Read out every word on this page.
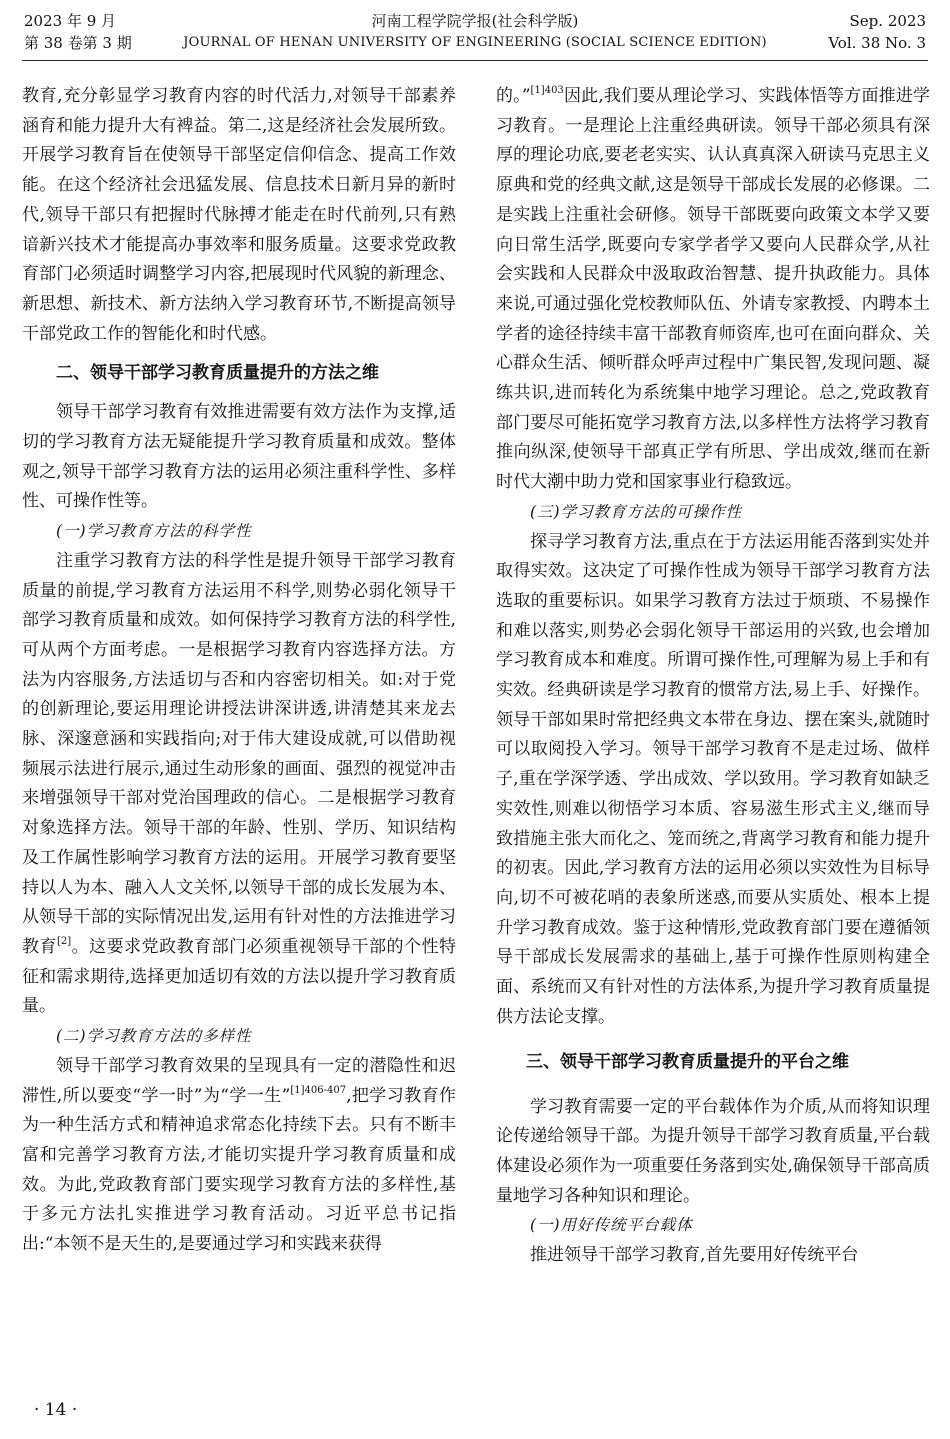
2023 年 9 月
第 38 卷第 3 期
河南工程学院学报(社会科学版)
JOURNAL OF HENAN UNIVERSITY OF ENGINEERING (SOCIAL SCIENCE EDITION)
Sep. 2023
Vol. 38 No. 3

教育,充分彰显学习教育内容的时代活力,对领导干部素养涵育和能力提升大有裨益。第二,这是经济社会发展所致。开展学习教育旨在使领导干部坚定信仰信念、提高工作效能。在这个经济社会迅猛发展、信息技术日新月异的新时代,领导干部只有把握时代脉搏才能走在时代前列,只有熟谙新兴技术才能提高办事效率和服务质量。这要求党政教育部门必须适时调整学习内容,把展现时代风貌的新理念、新思想、新技术、新方法纳入学习教育环节,不断提高领导干部党政工作的智能化和时代感。

二、领导干部学习教育质量提升的方法之维

领导干部学习教育有效推进需要有效方法作为支撑,适切的学习教育方法无疑能提升学习教育质量和成效。整体观之,领导干部学习教育方法的运用必须注重科学性、多样性、可操作性等。

(一)学习教育方法的科学性

注重学习教育方法的科学性是提升领导干部学习教育质量的前提,学习教育方法运用不科学,则势必弱化领导干部学习教育质量和成效。如何保持学习教育方法的科学性,可从两个方面考虑。一是根据学习教育内容选择方法。方法为内容服务,方法适切与否和内容密切相关。如:对于党的创新理论,要运用理论讲授法讲深讲透,讲清楚其来龙去脉、深邃意涵和实践指向;对于伟大建设成就,可以借助视频展示法进行展示,通过生动形象的画面、强烈的视觉冲击来增强领导干部对党治国理政的信心。二是根据学习教育对象选择方法。领导干部的年龄、性别、学历、知识结构及工作属性影响学习教育方法的运用。开展学习教育要坚持以人为本、融入人文关怀,以领导干部的成长发展为本、从领导干部的实际情况出发,运用有针对性的方法推进学习教育[2]。这要求党政教育部门必须重视领导干部的个性特征和需求期待,选择更加适切有效的方法以提升学习教育质量。

(二)学习教育方法的多样性

领导干部学习教育效果的呈现具有一定的潜隐性和迟滞性,所以要变“学一时”为“学一生”$^{[1]406-407}$,把学习教育作为一种生活方式和精神追求常态化持续下去。只有不断丰富和完善学习教育方法,才能切实提升学习教育质量和成效。为此,党政教育部门要实现学习教育方法的多样性,基于多元方法扎实推进学习教育活动。习近平总书记指出:“本领不是天生的,是要通过学习和实践来获得

的。”$^{[1]403}$因此,我们要从理论学习、实践体悟等方面推进学习教育。一是理论上注重经典研读。领导干部必须具有深厚的理论功底,要老老实实、认认真真深入研读马克思主义原典和党的经典文献,这是领导干部成长发展的必修课。二是实践上注重社会研修。领导干部既要向政策文本学又要向日常生活学,既要向专家学者学又要向人民群众学,从社会实践和人民群众中汲取政治智慧、提升执政能力。具体来说,可通过强化党校教师队伍、外请专家教授、内聘本土学者的途径持续丰富干部教育师资库,也可在面向群众、关心群众生活、倾听群众呼声过程中广集民智,发现问题、凝练共识,进而转化为系统集中地学习理论。总之,党政教育部门要尽可能拓宽学习教育方法,以多样性方法将学习教育推向纵深,使领导干部真正学有所思、学出成效,继而在新时代大潮中助力党和国家事业行稳致远。

(三)学习教育方法的可操作性

探寻学习教育方法,重点在于方法运用能否落到实处并取得实效。这决定了可操作性成为领导干部学习教育方法选取的重要标识。如果学习教育方法过于烦琐、不易操作和难以落实,则势必会弱化领导干部运用的兴致,也会增加学习教育成本和难度。所谓可操作性,可理解为易上手和有实效。经典研读是学习教育的惯常方法,易上手、好操作。领导干部如果时常把经典文本带在身边、摆在案头,就随时可以取阅投入学习。领导干部学习教育不是走过场、做样子,重在学深学透、学出成效、学以致用。学习教育如缺乏实效性,则难以彻悟学习本质、容易滋生形式主义,继而导致措施主张大而化之、笼而统之,背离学习教育和能力提升的初衷。因此,学习教育方法的运用必须以实效性为目标导向,切不可被花哨的表象所迷惑,而要从实质处、根本上提升学习教育成效。鉴于这种情形,党政教育部门要在遵循领导干部成长发展需求的基础上,基于可操作性原则构建全面、系统而又有针对性的方法体系,为提升学习教育质量提供方法论支撑。

三、领导干部学习教育质量提升的平台之维

学习教育需要一定的平台载体作为介质,从而将知识理论传递给领导干部。为提升领导干部学习教育质量,平台载体建设必须作为一项重要任务落到实处,确保领导干部高质量地学习各种知识和理论。

(一)用好传统平台载体

推进领导干部学习教育,首先要用好传统平台

· 14 ·
